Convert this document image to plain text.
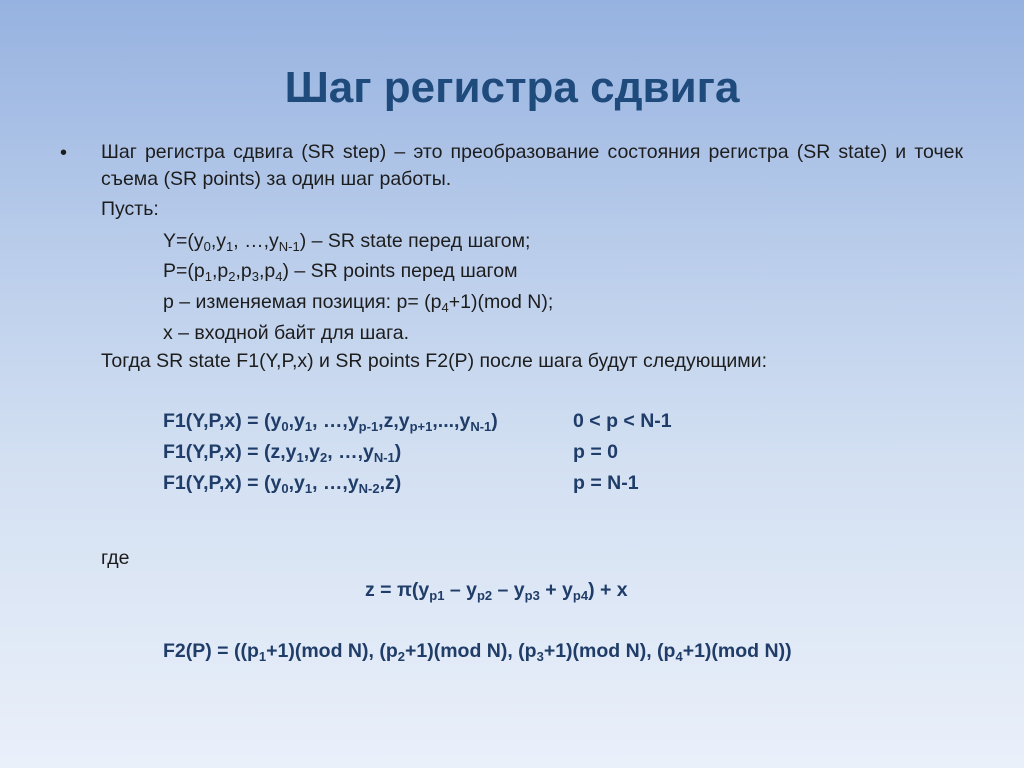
Шаг регистра сдвига
• Шаг регистра сдвига (SR step) – это преобразование состояния регистра (SR state) и точек съема (SR points) за один шаг работы.
Пусть:
$Y=(y_0,y_1$, $\dots,y_{N-1}$) – SR state перед шагом;
$P=(p_1,p_2,p_3,p_4)$ – SR points перед шагом
p – изменяемая позиция: $p= (p_4+1)(mod$ N);
x – входной байт для шага.
Тогда SR state F1(Y,P,x) и SR points F2(P) после шага будут следующими:
$F1(Y,P,x) = (y_0,y_1$, $\dots,y_{p-1},z,y_{p+1},...,y_{N-1}$)	0 < p < N-1
$F1(Y,P,x) = (z,y_1,y_2$, $\dots,y_{N-1}$)	p = 0
$F1(Y,P,x) = (y_0,y_1$, $\dots,y_{N-2},z$)	p = N-1
где
$z = \pi(y_{p1} - y_{p2} - y_{p3} + y_{p4}) + x$
$F2(P) = ((p_1+1)(mod$ N), $(p_2+1)(mod$ N), $(p_3+1)(mod$ N), $(p_4+1)(mod$ N))
